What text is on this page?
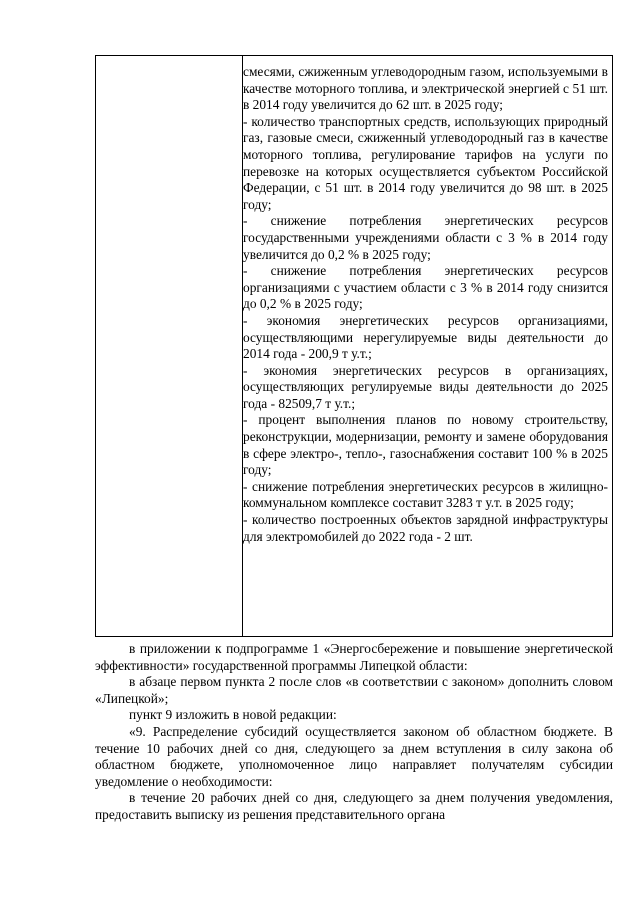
смесями, сжиженным углеводородным газом, используемыми в качестве моторного топлива, и электрической энергией с 51 шт. в 2014 году увеличится до 62 шт. в 2025 году;

- количество транспортных средств, использующих природный газ, газовые смеси, сжиженный углеводородный газ в качестве моторного топлива, регулирование тарифов на услуги по перевозке на которых осуществляется субъектом Российской Федерации, с 51 шт. в 2014 году увеличится до 98 шт. в 2025 году;

- снижение потребления энергетических ресурсов государственными учреждениями области с 3 % в 2014 году увеличится до 0,2 % в 2025 году;

- снижение потребления энергетических ресурсов организациями с участием области с 3 % в 2014 году снизится до 0,2 % в 2025 году;

- экономия энергетических ресурсов организациями, осуществляющими нерегулируемые виды деятельности до 2014 года - 200,9 т у.т.;

- экономия энергетических ресурсов в организациях, осуществляющих регулируемые виды деятельности до 2025 года - 82509,7 т у.т.;

- процент выполнения планов по новому строительству, реконструкции, модернизации, ремонту и замене оборудования в сфере электро-, тепло-, газоснабжения составит 100 % в 2025 году;

- снижение потребления энергетических ресурсов в жилищно-коммунальном комплексе составит 3283 т у.т. в 2025 году;

- количество построенных объектов зарядной инфраструктуры для электромобилей до 2022 года - 2 шт.

в приложении к подпрограмме 1 «Энергосбережение и повышение энергетической эффективности» государственной программы Липецкой области:

в абзаце первом пункта 2 после слов «в соответствии с законом» дополнить словом «Липецкой»;

пункт 9 изложить в новой редакции:

«9. Распределение субсидий осуществляется законом об областном бюджете. В течение 10 рабочих дней со дня, следующего за днем вступления в силу закона об областном бюджете, уполномоченное лицо направляет получателям субсидии уведомление о необходимости:

в течение 20 рабочих дней со дня, следующего за днем получения уведомления, предоставить выписку из решения представительного органа
